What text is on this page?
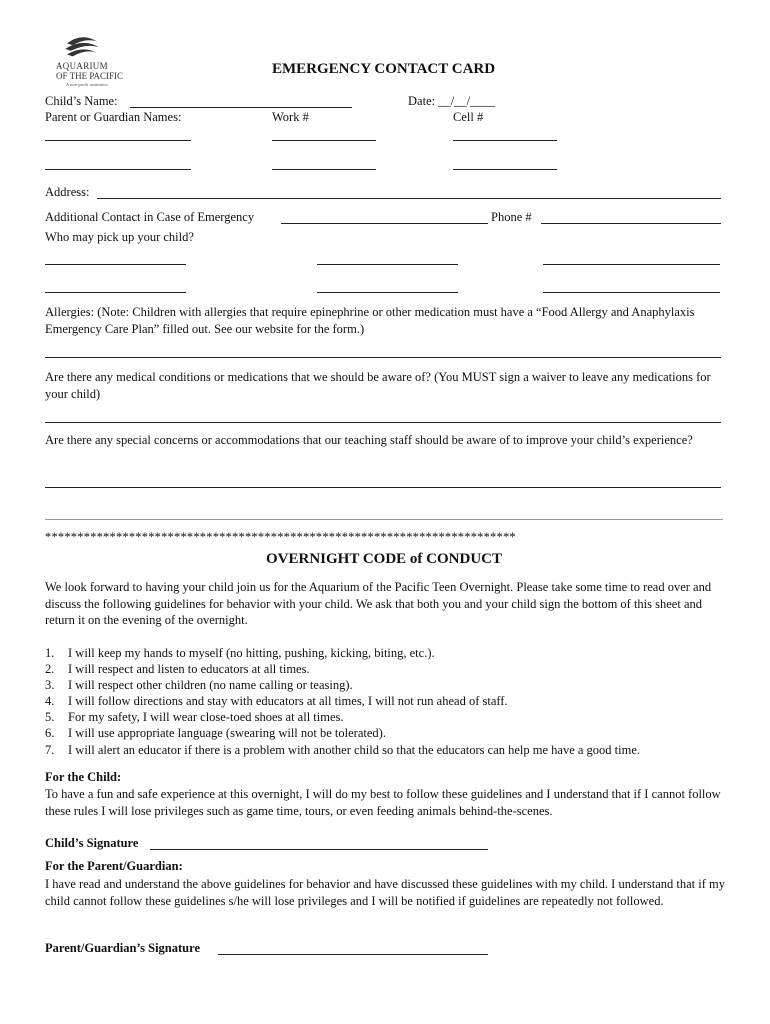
AQUARIUM
OF THE PACIFIC
A non-profit institution
EMERGENCY CONTACT CARD
Child’s Name:	Date: __/__/____
Parent or Guardian Names:	Work #	Cell #
Address:
Additional Contact in Case of Emergency	Phone #
Who may pick up your child?
Allergies: (Note: Children with allergies that require epinephrine or other medication must have a “Food Allergy and Anaphylaxis Emergency Care Plan” filled out. See our website for the form.)
Are there any medical conditions or medications that we should be aware of? (You MUST sign a waiver to leave any medications for your child)
Are there any special concerns or accommodations that our teaching staff should be aware of to improve your child’s experience?
*************************************************************************
OVERNIGHT CODE of CONDUCT
We look forward to having your child join us for the Aquarium of the Pacific Teen Overnight. Please take some time to read over and discuss the following guidelines for behavior with your child. We ask that both you and your child sign the bottom of this sheet and return it on the evening of the overnight.
1. I will keep my hands to myself (no hitting, pushing, kicking, biting, etc.).
2. I will respect and listen to educators at all times.
3. I will respect other children (no name calling or teasing).
4. I will follow directions and stay with educators at all times, I will not run ahead of staff.
5. For my safety, I will wear close-toed shoes at all times.
6. I will use appropriate language (swearing will not be tolerated).
7. I will alert an educator if there is a problem with another child so that the educators can help me have a good time.
For the Child:
To have a fun and safe experience at this overnight, I will do my best to follow these guidelines and I understand that if I cannot follow these rules I will lose privileges such as game time, tours, or even feeding animals behind-the-scenes.
Child’s Signature
For the Parent/Guardian:
I have read and understand the above guidelines for behavior and have discussed these guidelines with my child. I understand that if my child cannot follow these guidelines s/he will lose privileges and I will be notified if guidelines are repeatedly not followed.
Parent/Guardian’s Signature
